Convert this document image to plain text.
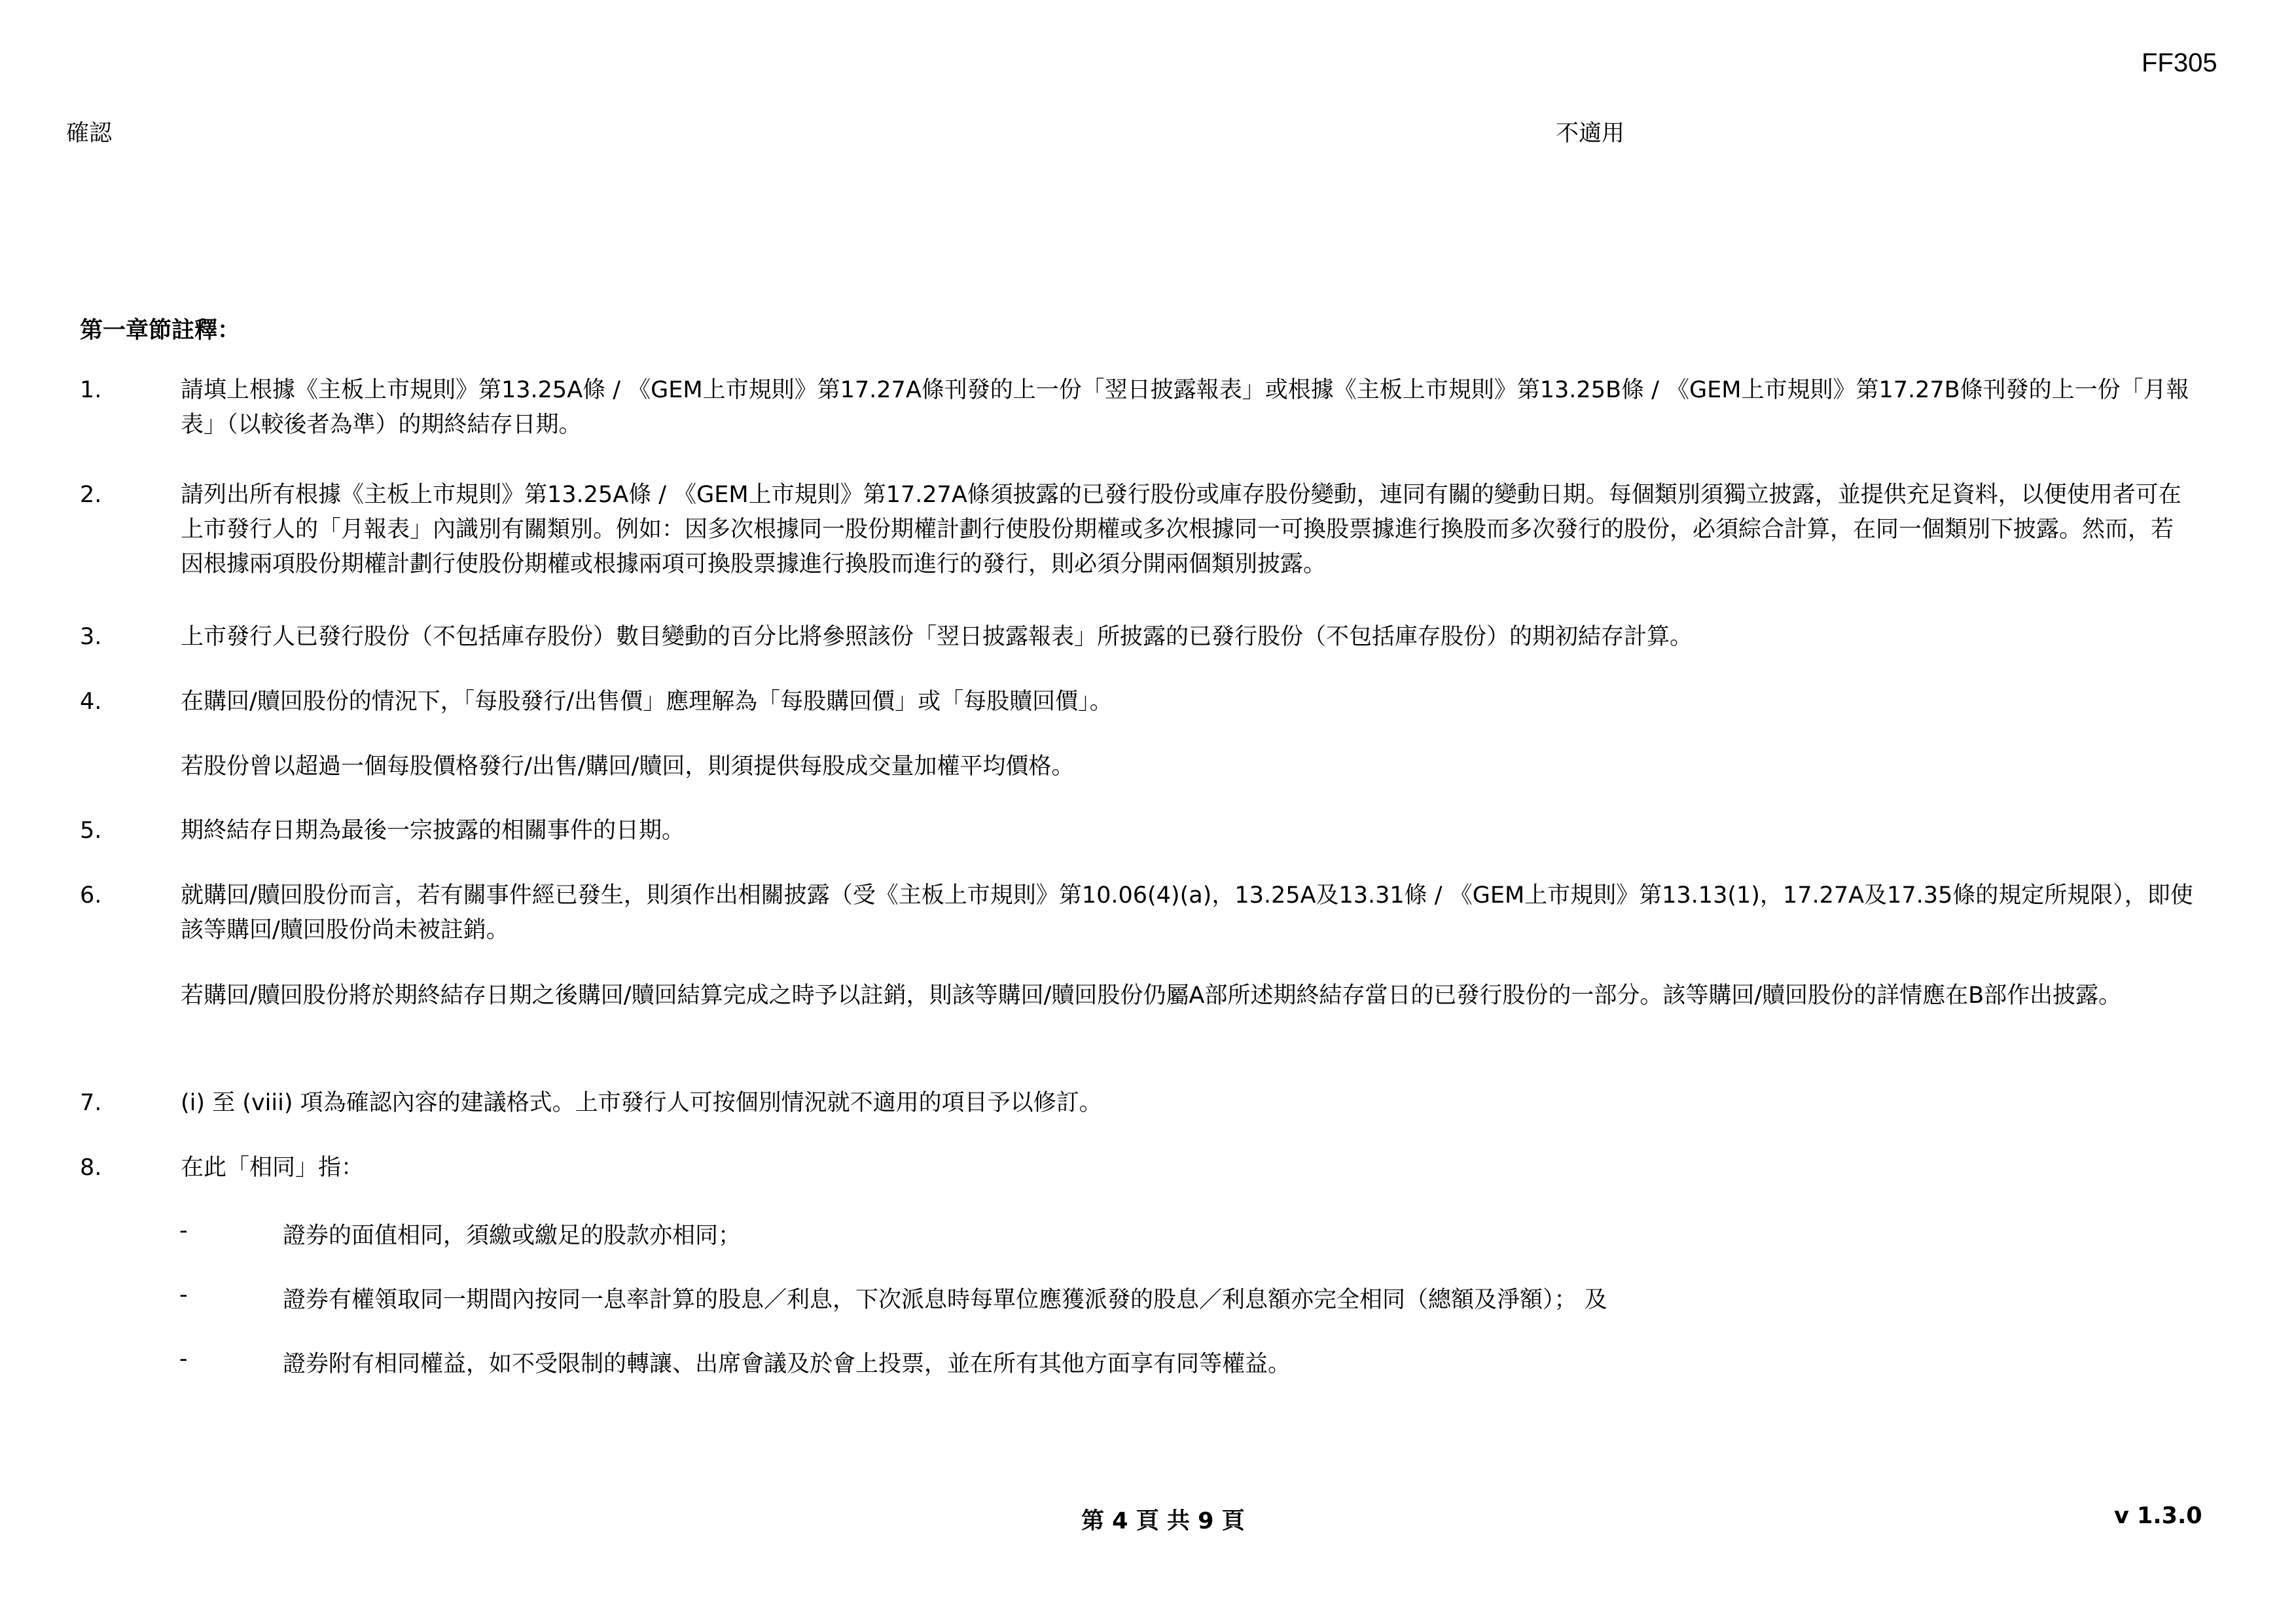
FF305
確認	不適用
第一章節註釋：
1.	請填上根據《主板上市規則》第13.25A條 / 《GEM上市規則》第17.27A條刊發的上一份「翌日披露報表」或根據《主板上市規則》第13.25B條 / 《GEM上市規則》第17.27B條刊發的上一份「月報表」（以較後者為準）的期終結存日期。
2.	請列出所有根據《主板上市規則》第13.25A條 / 《GEM上市規則》第17.27A條須披露的已發行股份或庫存股份變動，連同有關的變動日期。每個類別須獨立披露，並提供充足資料，以便使用者可在上市發行人的「月報表」內識別有關類別。例如：因多次根據同一股份期權計劃行使股份期權或多次根據同一可換股票據進行換股而多次發行的股份，必須綜合計算，在同一個類別下披露。然而，若因根據兩項股份期權計劃行使股份期權或根據兩項可換股票據進行換股而進行的發行，則必須分開兩個類別披露。
3.	上市發行人已發行股份（不包括庫存股份）數目變動的百分比將參照該份「翌日披露報表」所披露的已發行股份（不包括庫存股份）的期初結存計算。
4.	在購回/贖回股份的情況下，「每股發行/出售價」應理解為「每股購回價」或「每股贖回價」。
若股份曾以超過一個每股價格發行/出售/購回/贖回，則須提供每股成交量加權平均價格。
5.	期終結存日期為最後一宗披露的相關事件的日期。
6.	就購回/贖回股份而言，若有關事件經已發生，則須作出相關披露（受《主板上市規則》第10.06(4)(a)，13.25A及13.31條 / 《GEM上市規則》第13.13(1)，17.27A及17.35條的規定所規限），即使該等購回/贖回股份尚未被註銷。
若購回/贖回股份將於期終結存日期之後購回/贖回結算完成之時予以註銷，則該等購回/贖回股份仍屬A部所述期終結存當日的已發行股份的一部分。該等購回/贖回股份的詳情應在B部作出披露。
7.	(i) 至 (viii) 項為確認內容的建議格式。上市發行人可按個別情況就不適用的項目予以修訂。
8.	在此「相同」指：
-	證券的面值相同，須繳或繳足的股款亦相同；
-	證券有權領取同一期間內按同一息率計算的股息／利息，下次派息時每單位應獲派發的股息／利息額亦完全相同（總額及淨額）； 及
-	證券附有相同權益，如不受限制的轉讓、出席會議及於會上投票，並在所有其他方面享有同等權益。
第 4 頁 共 9 頁	v 1.3.0
